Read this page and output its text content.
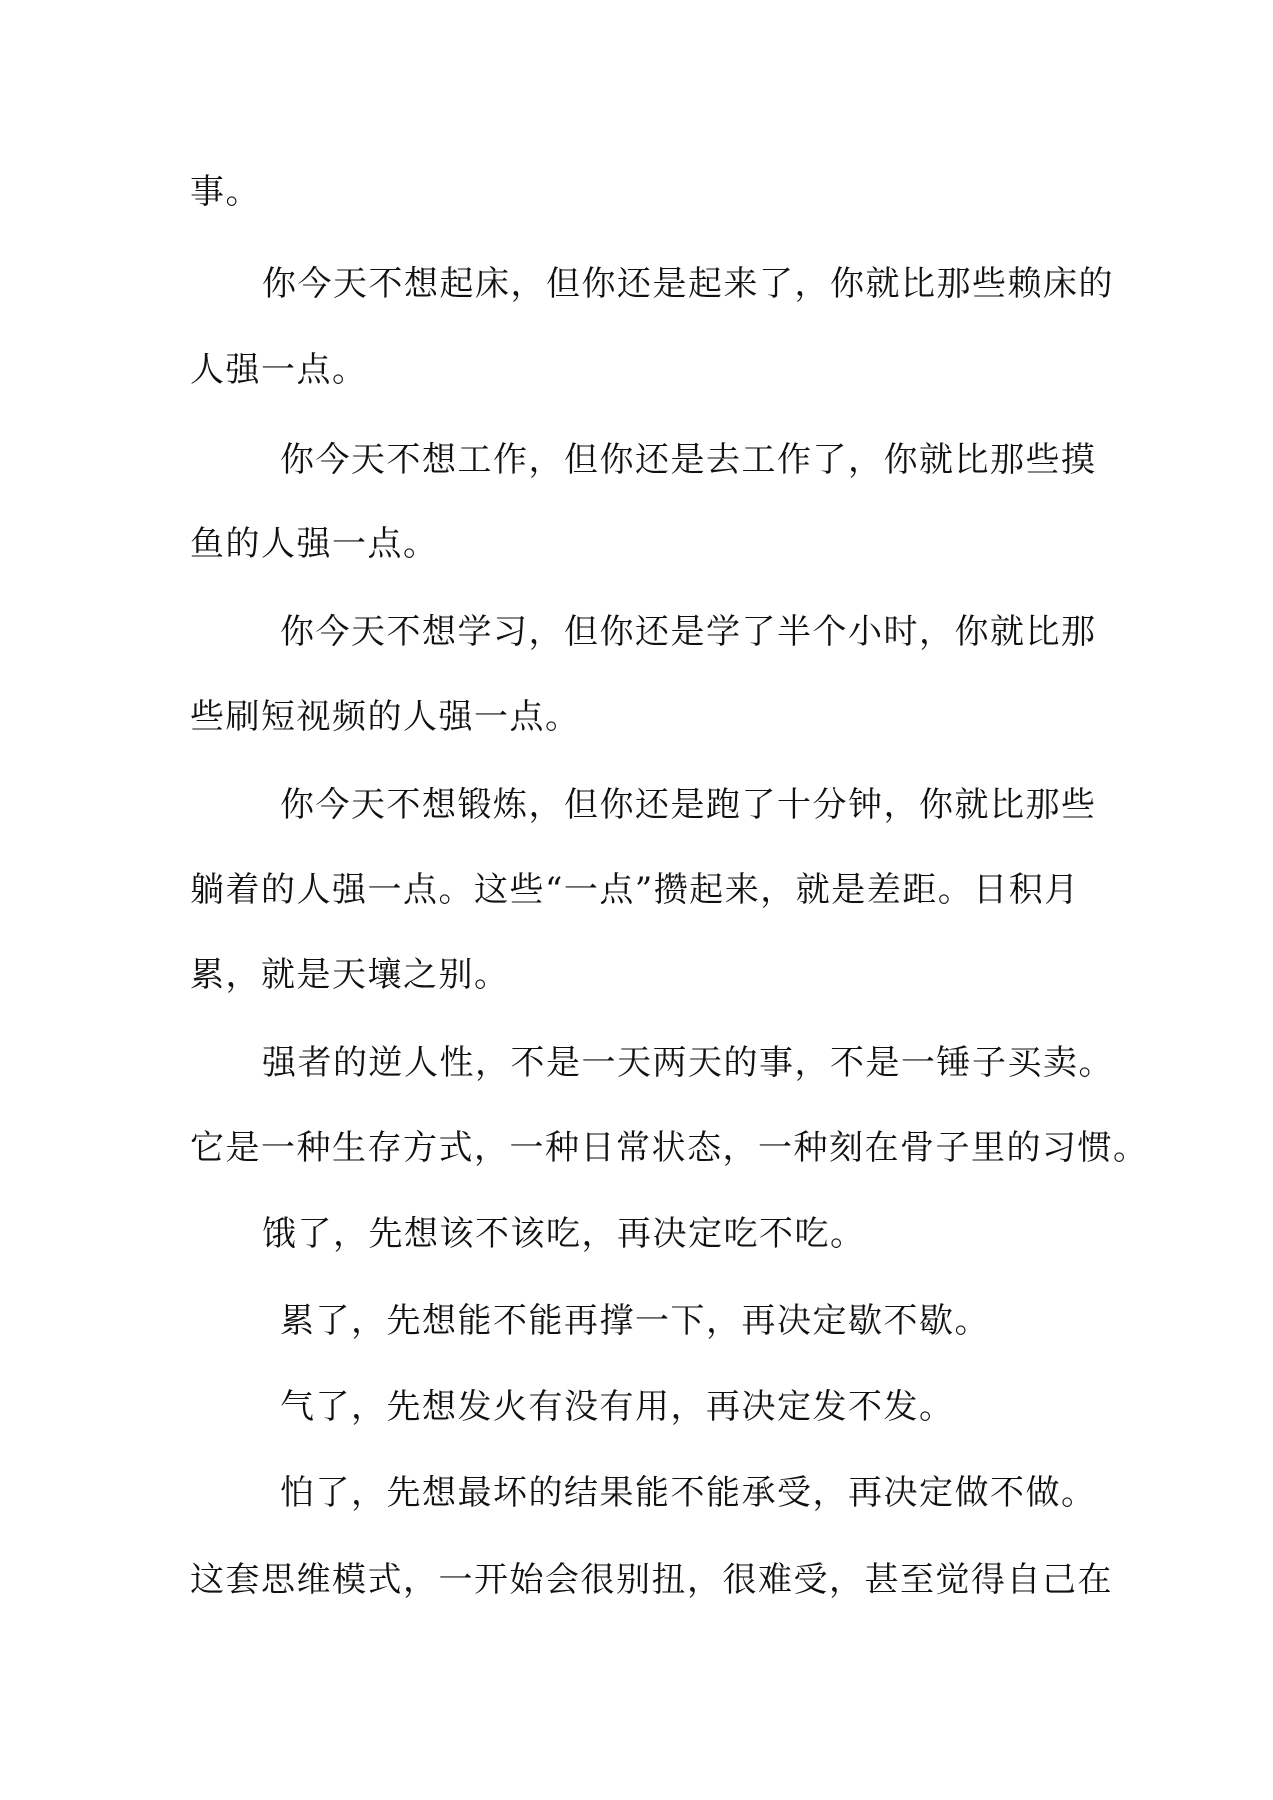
事。
你今天不想起床，但你还是起来了，你就比那些赖床的
人强一点。
你今天不想工作，但你还是去工作了，你就比那些摸
鱼的人强一点。
你今天不想学习，但你还是学了半个小时，你就比那
些刷短视频的人强一点。
你今天不想锻炼，但你还是跑了十分钟，你就比那些
躺着的人强一点。这些“一点”攒起来，就是差距。日积月
累，就是天壤之别。
强者的逆人性，不是一天两天的事，不是一锤子买卖。
它是一种生存方式，一种日常状态，一种刻在骨子里的习惯。
饿了，先想该不该吃，再决定吃不吃。
累了，先想能不能再撑一下，再决定歇不歇。
气了，先想发火有没有用，再决定发不发。
怕了，先想最坏的结果能不能承受，再决定做不做。
这套思维模式，一开始会很别扭，很难受，甚至觉得自己在
